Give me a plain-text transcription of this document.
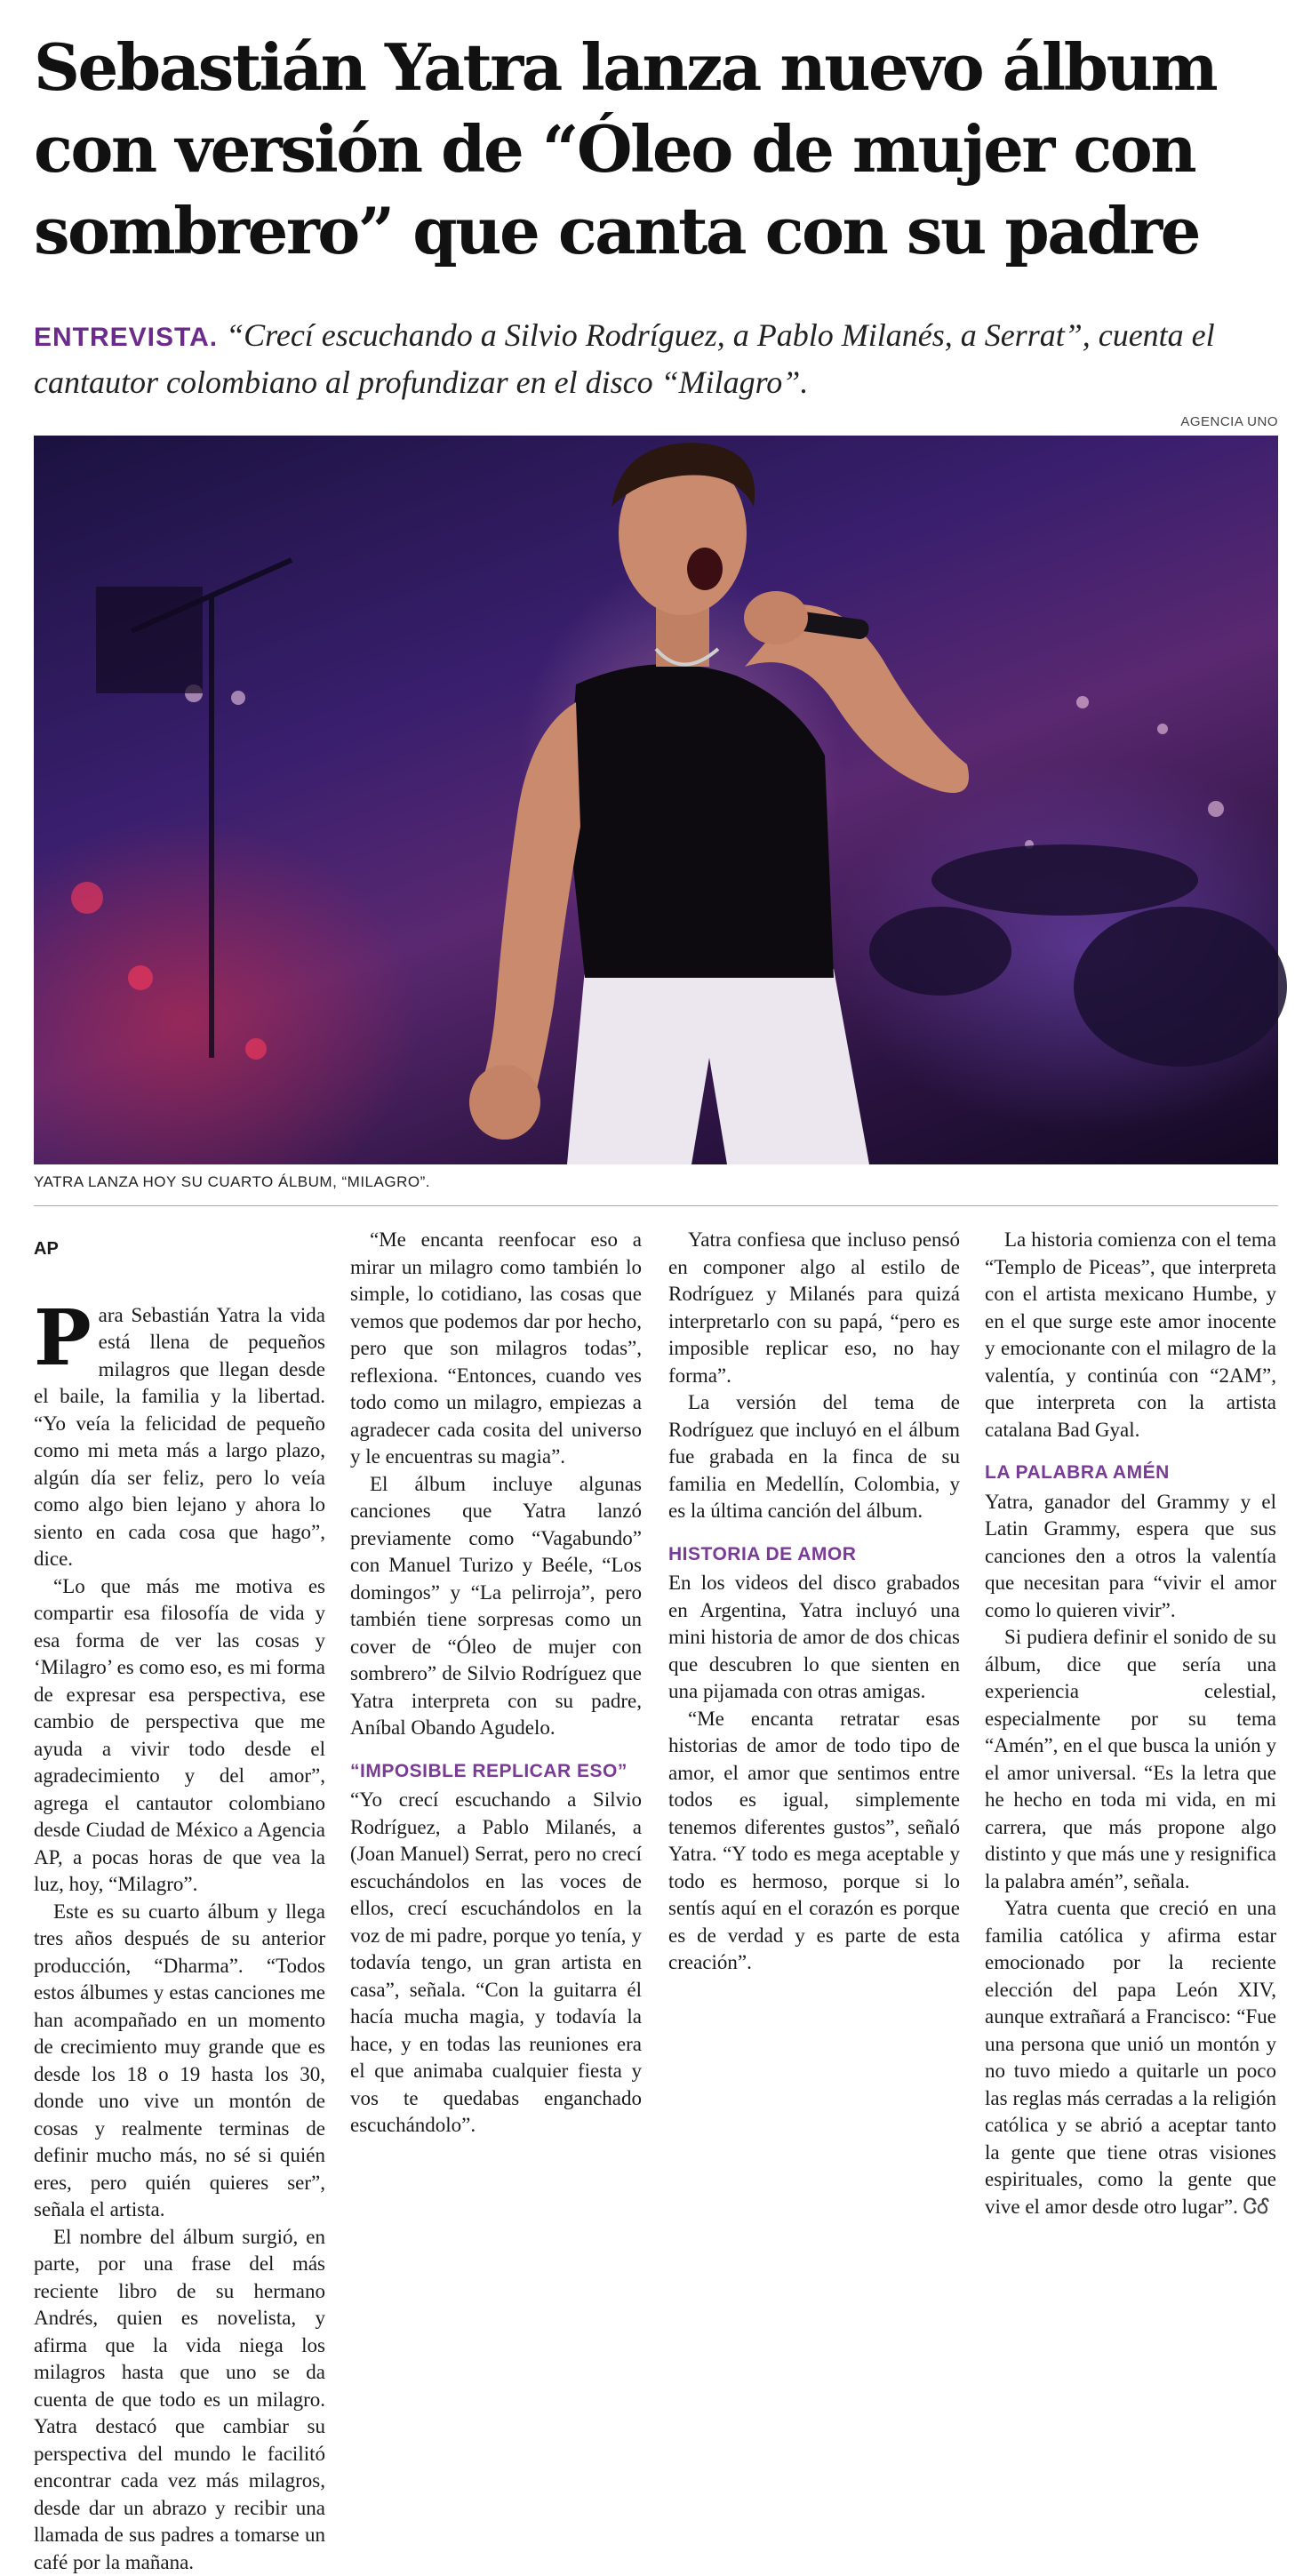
Sebastián Yatra lanza nuevo álbum con versión de “Óleo de mujer con sombrero” que canta con su padre
ENTREVISTA. “Crecí escuchando a Silvio Rodríguez, a Pablo Milanés, a Serrat”, cuenta el cantautor colombiano al profundizar en el disco “Milagro”.
AGENCIA UNO
YATRA LANZA HOY SU CUARTO ÁLBUM, “MILAGRO”.
AP

Para Sebastián Yatra la vida está llena de pequeños milagros que llegan desde el baile, la familia y la libertad. “Yo veía la felicidad de pequeño como mi meta más a largo plazo, algún día ser feliz, pero lo veía como algo bien lejano y ahora lo siento en cada cosa que hago”, dice.

“Lo que más me motiva es compartir esa filosofía de vida y esa forma de ver las cosas y ‘Milagro’ es como eso, es mi forma de expresar esa perspectiva, ese cambio de perspectiva que me ayuda a vivir todo desde el agradecimiento y del amor”, agrega el cantautor colombiano desde Ciudad de México a Agencia AP, a pocas horas de que vea la luz, hoy, “Milagro”.

Este es su cuarto álbum y llega tres años después de su anterior producción, “Dharma”. “Todos estos álbumes y estas canciones me han acompañado en un momento de crecimiento muy grande que es desde los 18 o 19 hasta los 30, donde uno vive un montón de cosas y realmente terminas de definir mucho más, no sé si quién eres, pero quién quieres ser”, señala el artista.

El nombre del álbum surgió, en parte, por una frase del más reciente libro de su hermano Andrés, quien es novelista, y afirma que la vida niega los milagros hasta que uno se da cuenta de que todo es un milagro. Yatra destacó que cambiar su perspectiva del mundo le facilitó encontrar cada vez más milagros, desde dar un abrazo y recibir una llamada de sus padres a tomarse un café por la mañana.

“Me encanta reenfocar eso a mirar un milagro como también lo simple, lo cotidiano, las cosas que vemos que podemos dar por hecho, pero que son milagros todas”, reflexiona. “Entonces, cuando ves todo como un milagro, empiezas a agradecer cada cosita del universo y le encuentras su magia”.

El álbum incluye algunas canciones que Yatra lanzó previamente como “Vagabundo” con Manuel Turizo y Beéle, “Los domingos” y “La pelirroja”, pero también tiene sorpresas como un cover de “Óleo de mujer con sombrero” de Silvio Rodríguez que Yatra interpreta con su padre, Aníbal Obando Agudelo.

“IMPOSIBLE REPLICAR ESO”

“Yo crecí escuchando a Silvio Rodríguez, a Pablo Milanés, a (Joan Manuel) Serrat, pero no crecí escuchándolos en las voces de ellos, crecí escuchándolos en la voz de mi padre, porque yo tenía, y todavía tengo, un gran artista en casa”, señala. “Con la guitarra él hacía mucha magia, y todavía la hace, y en todas las reuniones era el que animaba cualquier fiesta y vos te quedabas enganchado escuchándolo”.

Yatra confiesa que incluso pensó en componer algo al estilo de Rodríguez y Milanés para quizá interpretarlo con su papá, “pero es imposible replicar eso, no hay forma”.

La versión del tema de Rodríguez que incluyó en el álbum fue grabada en la finca de su familia en Medellín, Colombia, y es la última canción del álbum.

HISTORIA DE AMOR

En los videos del disco grabados en Argentina, Yatra incluyó una mini historia de amor de dos chicas que descubren lo que sienten en una pijamada con otras amigas.

“Me encanta retratar esas historias de amor de todo tipo de amor, el amor que sentimos entre todos es igual, simplemente tenemos diferentes gustos”, señaló Yatra. “Y todo es mega aceptable y todo es hermoso, porque si lo sentís aquí en el corazón es porque es de verdad y es parte de esta creación”.

La historia comienza con el tema “Templo de Piceas”, que interpreta con el artista mexicano Humbe, y en el que surge este amor inocente y emocionante con el milagro de la valentía, y continúa con “2AM”, que interpreta con la artista catalana Bad Gyal.

LA PALABRA AMÉN

Yatra, ganador del Grammy y el Latin Grammy, espera que sus canciones den a otros la valentía que necesitan para “vivir el amor como lo quieren vivir”.

Si pudiera definir el sonido de su álbum, dice que sería una experiencia celestial, especialmente por su tema “Amén”, en el que busca la unión y el amor universal. “Es la letra que he hecho en toda mi vida, en mi carrera, que más propone algo distinto y que más une y resignifica la palabra amén”, señala.

Yatra cuenta que creció en una familia católica y afirma estar emocionado por la reciente elección del papa León XIV, aunque extrañará a Francisco: “Fue una persona que unió un montón y no tuvo miedo a quitarle un poco las reglas más cerradas a la religión católica y se abrió a aceptar tanto la gente que tiene otras visiones espirituales, como la gente que vive el amor desde otro lugar”. ᏣᎴ
